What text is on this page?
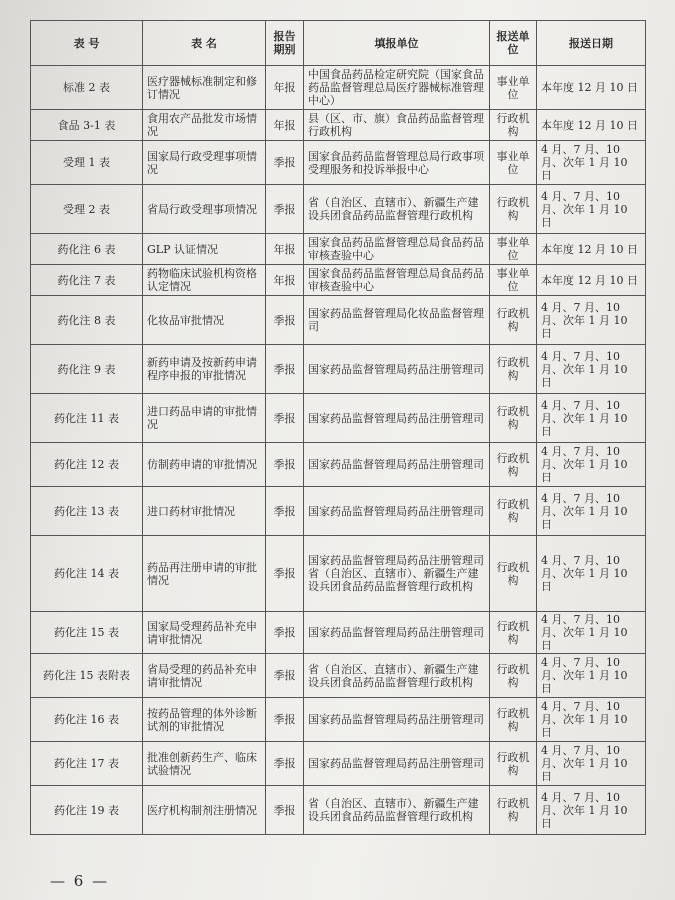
表 号	表 名	报告期别	填报单位	报送单位	报送日期
标准 2 表	医疗器械标准制定和修订情况	年报	中国食品药品检定研究院（国家食品药品监督管理总局医疗器械标准管理中心）	事业单位	本年度 12 月 10 日
食品 3-1 表	食用农产品批发市场情况	年报	县（区、市、旗）食品药品监督管理行政机构	行政机构	本年度 12 月 10 日
受理 1 表	国家局行政受理事项情况	季报	国家食品药品监督管理总局行政事项受理服务和投诉举报中心	事业单位	4 月、7 月、10 月、次年 1 月 10 日
受理 2 表	省局行政受理事项情况	季报	省（自治区、直辖市）、新疆生产建设兵团食品药品监督管理行政机构	行政机构	4 月、7 月、10 月、次年 1 月 10 日
药化注 6 表	GLP 认证情况	年报	国家食品药品监督管理总局食品药品审核查验中心	事业单位	本年度 12 月 10 日
药化注 7 表	药物临床试验机构资格认定情况	年报	国家食品药品监督管理总局食品药品审核查验中心	事业单位	本年度 12 月 10 日
药化注 8 表	化妆品审批情况	季报	国家药品监督管理局化妆品监督管理司	行政机构	4 月、7 月、10 月、次年 1 月 10 日
药化注 9 表	新药申请及按新药申请程序申报的审批情况	季报	国家药品监督管理局药品注册管理司	行政机构	4 月、7 月、10 月、次年 1 月 10 日
药化注 11 表	进口药品申请的审批情况	季报	国家药品监督管理局药品注册管理司	行政机构	4 月、7 月、10 月、次年 1 月 10 日
药化注 12 表	仿制药申请的审批情况	季报	国家药品监督管理局药品注册管理司	行政机构	4 月、7 月、10 月、次年 1 月 10 日
药化注 13 表	进口药材审批情况	季报	国家药品监督管理局药品注册管理司	行政机构	4 月、7 月、10 月、次年 1 月 10 日
药化注 14 表	药品再注册申请的审批情况	季报	国家药品监督管理局药品注册管理司 省（自治区、直辖市）、新疆生产建设兵团食品药品监督管理行政机构	行政机构	4 月、7 月、10 月、次年 1 月 10 日
药化注 15 表	国家局受理药品补充申请审批情况	季报	国家药品监督管理局药品注册管理司	行政机构	4 月、7 月、10 月、次年 1 月 10 日
药化注 15 表附表	省局受理的药品补充申请审批情况	季报	省（自治区、直辖市）、新疆生产建设兵团食品药品监督管理行政机构	行政机构	4 月、7 月、10 月、次年 1 月 10 日
药化注 16 表	按药品管理的体外诊断试剂的审批情况	季报	国家药品监督管理局药品注册管理司	行政机构	4 月、7 月、10 月、次年 1 月 10 日
药化注 17 表	批准创新药生产、临床试验情况	季报	国家药品监督管理局药品注册管理司	行政机构	4 月、7 月、10 月、次年 1 月 10 日
药化注 19 表	医疗机构制剂注册情况	季报	省（自治区、直辖市）、新疆生产建设兵团食品药品监督管理行政机构	行政机构	4 月、7 月、10 月、次年 1 月 10 日
— 6 —
